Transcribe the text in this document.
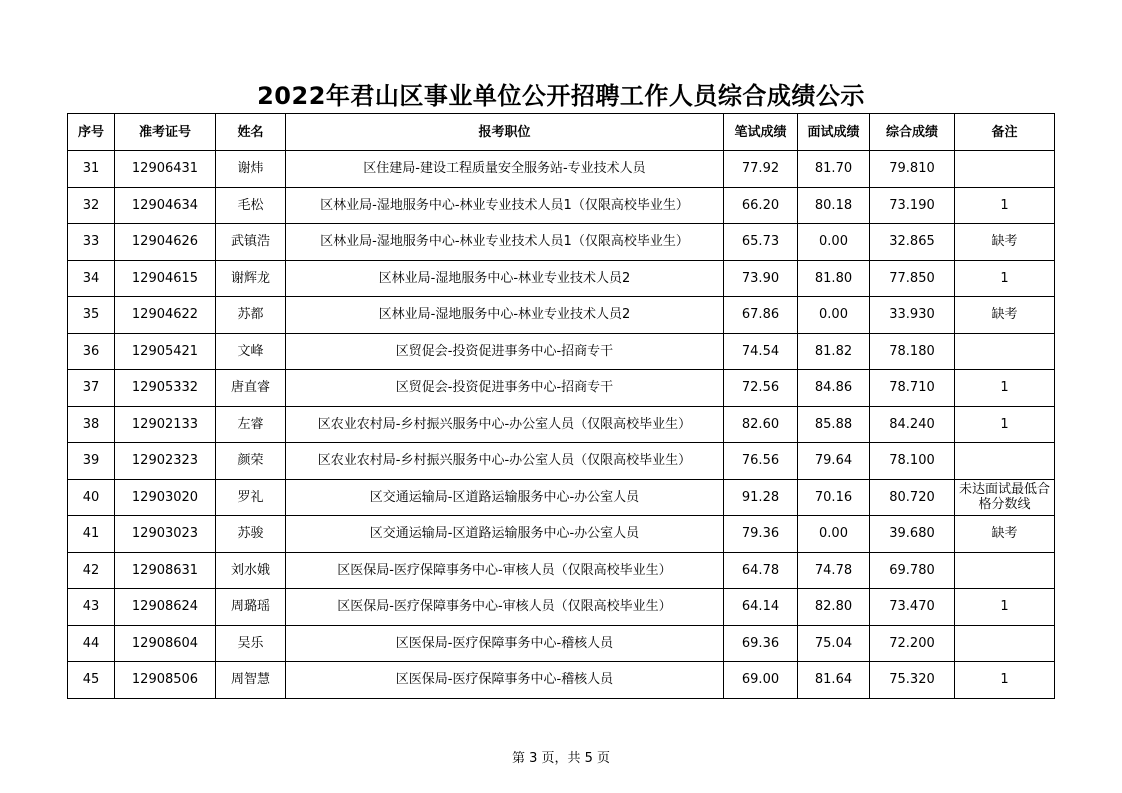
2022年君山区事业单位公开招聘工作人员综合成绩公示
序号	准考证号	姓名	报考职位	笔试成绩	面试成绩	综合成绩	备注
31	12906431	谢炜	区住建局-建设工程质量安全服务站-专业技术人员	77.92	81.70	79.810	
32	12904634	毛松	区林业局-湿地服务中心-林业专业技术人员1（仅限高校毕业生）	66.20	80.18	73.190	1
33	12904626	武镇浩	区林业局-湿地服务中心-林业专业技术人员1（仅限高校毕业生）	65.73	0.00	32.865	缺考
34	12904615	谢辉龙	区林业局-湿地服务中心-林业专业技术人员2	73.90	81.80	77.850	1
35	12904622	苏都	区林业局-湿地服务中心-林业专业技术人员2	67.86	0.00	33.930	缺考
36	12905421	文峰	区贸促会-投资促进事务中心-招商专干	74.54	81.82	78.180	
37	12905332	唐直睿	区贸促会-投资促进事务中心-招商专干	72.56	84.86	78.710	1
38	12902133	左睿	区农业农村局-乡村振兴服务中心-办公室人员（仅限高校毕业生）	82.60	85.88	84.240	1
39	12902323	颜荣	区农业农村局-乡村振兴服务中心-办公室人员（仅限高校毕业生）	76.56	79.64	78.100	
40	12903020	罗礼	区交通运输局-区道路运输服务中心-办公室人员	91.28	70.16	80.720	未达面试最低合格分数线
41	12903023	苏骏	区交通运输局-区道路运输服务中心-办公室人员	79.36	0.00	39.680	缺考
42	12908631	刘水娥	区医保局-医疗保障事务中心-审核人员（仅限高校毕业生）	64.78	74.78	69.780	
43	12908624	周璐瑶	区医保局-医疗保障事务中心-审核人员（仅限高校毕业生）	64.14	82.80	73.470	1
44	12908604	吴乐	区医保局-医疗保障事务中心-稽核人员	69.36	75.04	72.200	
45	12908506	周智慧	区医保局-医疗保障事务中心-稽核人员	69.00	81.64	75.320	1
第 3 页，共 5 页
